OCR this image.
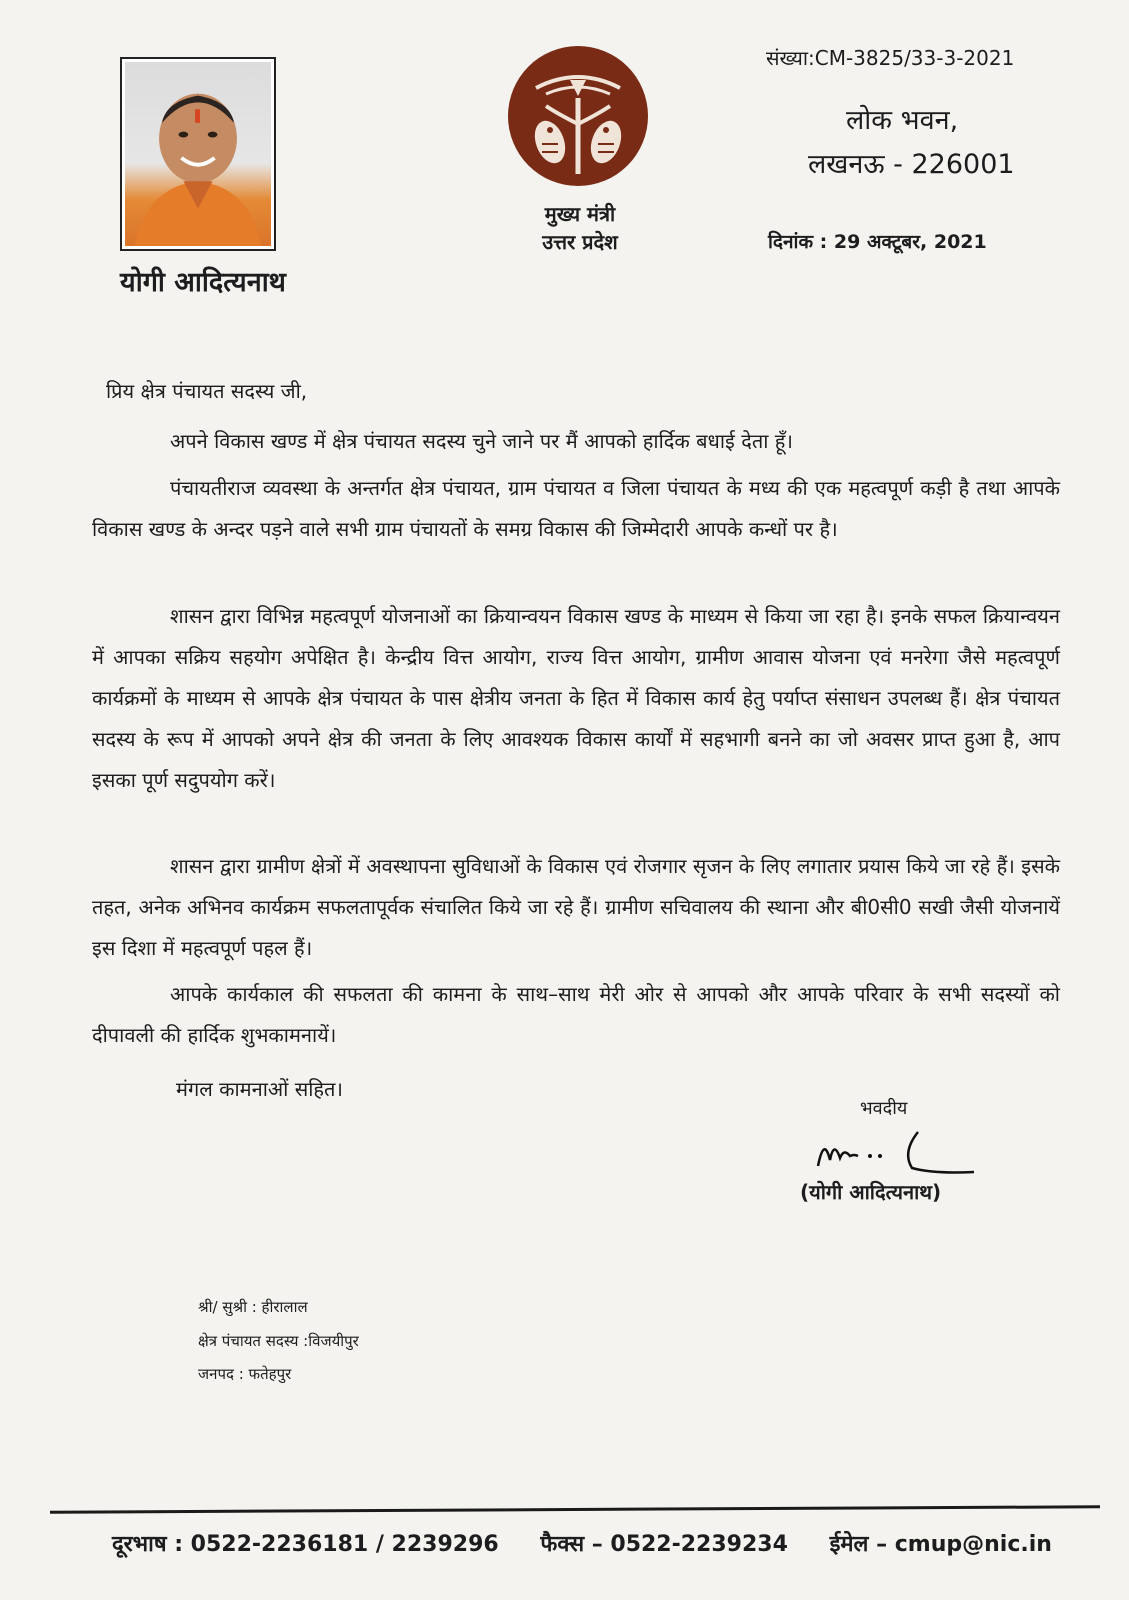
योगी आदित्यनाथ
मुख्य मंत्री
उत्तर प्रदेश
संख्या:CM-3825/33-3-2021
लोक भवन,
लखनऊ - 226001
दिनांक : 29 अक्टूबर, 2021
प्रिय क्षेत्र पंचायत सदस्य जी,
अपने विकास खण्ड में क्षेत्र पंचायत सदस्य चुने जाने पर मैं आपको हार्दिक बधाई देता हूँ।
पंचायतीराज व्यवस्था के अन्तर्गत क्षेत्र पंचायत, ग्राम पंचायत व जिला पंचायत के मध्य की एक महत्वपूर्ण कड़ी है तथा आपके विकास खण्ड के अन्दर पड़ने वाले सभी ग्राम पंचायतों के समग्र विकास की जिम्मेदारी आपके कन्धों पर है।
शासन द्वारा विभिन्न महत्वपूर्ण योजनाओं का क्रियान्वयन विकास खण्ड के माध्यम से किया जा रहा है। इनके सफल क्रियान्वयन में आपका सक्रिय सहयोग अपेक्षित है। केन्द्रीय वित्त आयोग, राज्य वित्त आयोग, ग्रामीण आवास योजना एवं मनरेगा जैसे महत्वपूर्ण कार्यक्रमों के माध्यम से आपके क्षेत्र पंचायत के पास क्षेत्रीय जनता के हित में विकास कार्य हेतु पर्याप्त संसाधन उपलब्ध हैं। क्षेत्र पंचायत सदस्य के रूप में आपको अपने क्षेत्र की जनता के लिए आवश्यक विकास कार्यों में सहभागी बनने का जो अवसर प्राप्त हुआ है, आप इसका पूर्ण सदुपयोग करें।
शासन द्वारा ग्रामीण क्षेत्रों में अवस्थापना सुविधाओं के विकास एवं रोजगार सृजन के लिए लगातार प्रयास किये जा रहे हैं। इसके तहत, अनेक अभिनव कार्यक्रम सफलतापूर्वक संचालित किये जा रहे हैं। ग्रामीण सचिवालय की स्थाना और बी0सी0 सखी जैसी योजनायें इस दिशा में महत्वपूर्ण पहल हैं।
आपके कार्यकाल की सफलता की कामना के साथ–साथ मेरी ओर से आपको और आपके परिवार के सभी सदस्यों को दीपावली की हार्दिक शुभकामनायें।
मंगल कामनाओं सहित।
भवदीय
(योगी आदित्यनाथ)
श्री/ सुश्री : हीरालाल
क्षेत्र पंचायत सदस्य :विजयीपुर
जनपद : फतेहपुर
दूरभाष : 0522-2236181 / 2239296 फैक्स – 0522-2239234 ईमेल – cmup@nic.in
